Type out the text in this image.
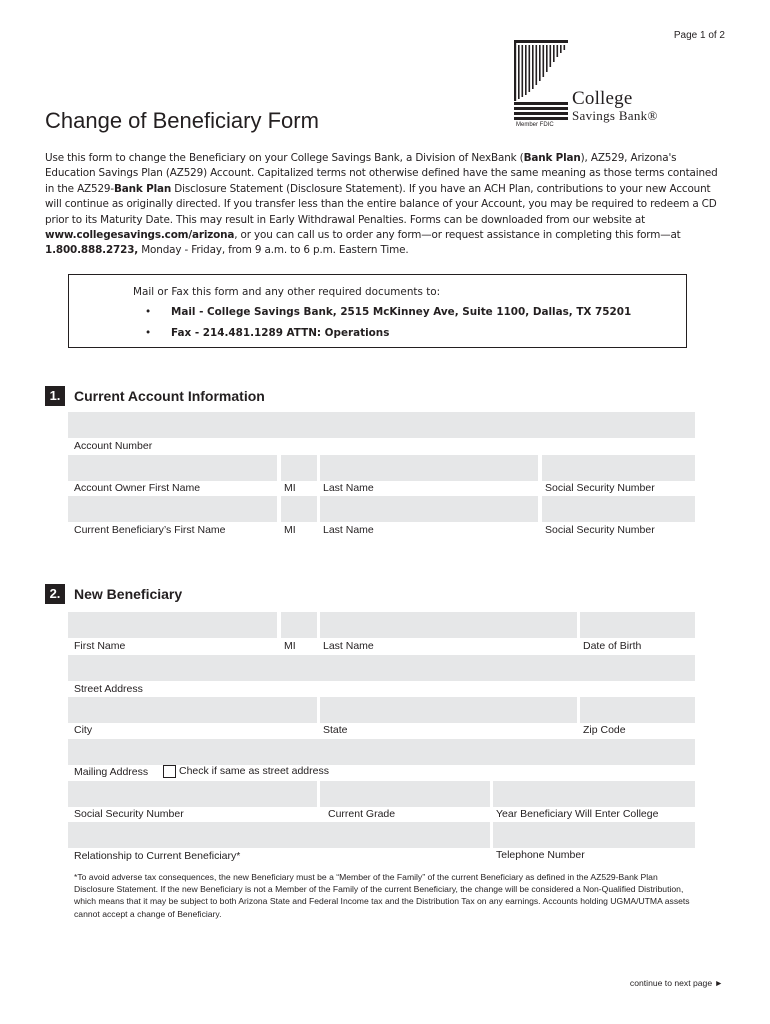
Page 1 of 2
College
Savings Bank®
Member FDIC
Change of Beneficiary Form
Use this form to change the Beneficiary on your College Savings Bank, a Division of NexBank (Bank Plan), AZ529, Arizona's Education Savings Plan (AZ529) Account. Capitalized terms not otherwise defined have the same meaning as those terms contained in the AZ529-Bank Plan Disclosure Statement (Disclosure Statement). If you have an ACH Plan, contributions to your new Account will continue as originally directed. If you transfer less than the entire balance of your Account, you may be required to redeem a CD prior to its Maturity Date. This may result in Early Withdrawal Penalties. Forms can be downloaded from our website at www.collegesavings.com/arizona, or you can call us to order any form—or request assistance in completing this form—at 1.800.888.2723, Monday - Friday, from 9 a.m. to 6 p.m. Eastern Time.
Mail or Fax this form and any other required documents to:
• Mail - College Savings Bank, 2515 McKinney Ave, Suite 1100, Dallas, TX 75201
• Fax - 214.481.1289 ATTN: Operations
1. Current Account Information
Account Number
Account Owner First Name	MI	Last Name	Social Security Number
Current Beneficiary’s First Name	MI	Last Name	Social Security Number
2. New Beneficiary
First Name	MI	Last Name	Date of Birth
Street Address
City	State	Zip Code
Mailing Address	Check if same as street address
Social Security Number	Current Grade	Year Beneficiary Will Enter College
Relationship to Current Beneficiary*	Telephone Number
*To avoid adverse tax consequences, the new Beneficiary must be a “Member of the Family” of the current Beneficiary as defined in the AZ529-Bank Plan Disclosure Statement. If the new Beneficiary is not a Member of the Family of the current Beneficiary, the change will be considered a Non-Qualified Distribution, which means that it may be subject to both Arizona State and Federal Income tax and the Distribution Tax on any earnings. Accounts holding UGMA/UTMA assets cannot accept a change of Beneficiary.
continue to next page ►
